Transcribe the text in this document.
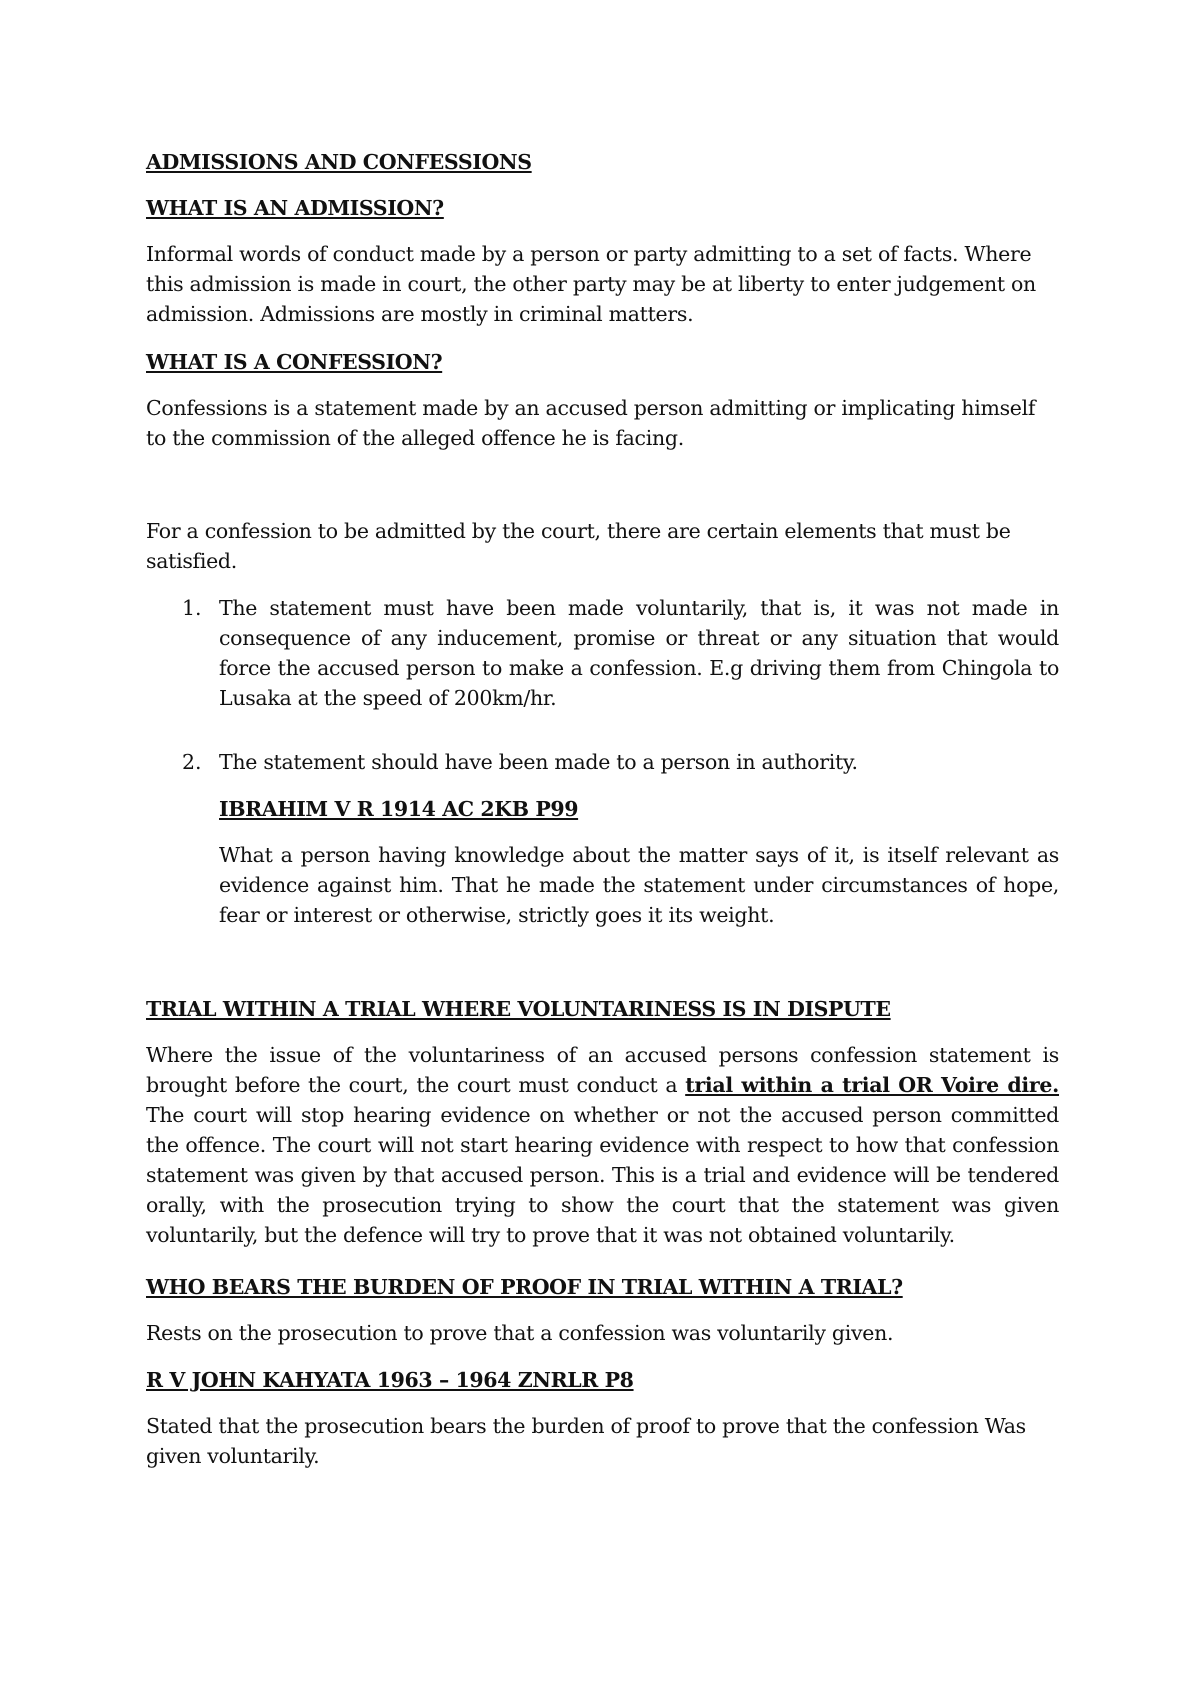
ADMISSIONS AND CONFESSIONS
WHAT IS AN ADMISSION?
Informal words of conduct made by a person or party admitting to a set of facts. Where this admission is made in court, the other party may be at liberty to enter judgement on admission. Admissions are mostly in criminal matters.
WHAT IS A CONFESSION?
Confessions is a statement made by an accused person admitting or implicating himself to the commission of the alleged offence he is facing.
For a confession to be admitted by the court, there are certain elements that must be satisfied.
1. The statement must have been made voluntarily, that is, it was not made in consequence of any inducement, promise or threat or any situation that would force the accused person to make a confession. E.g driving them from Chingola to Lusaka at the speed of 200km/hr.
2. The statement should have been made to a person in authority.
IBRAHIM V R 1914 AC 2KB P99
What a person having knowledge about the matter says of it, is itself relevant as evidence against him. That he made the statement under circumstances of hope, fear or interest or otherwise, strictly goes it its weight.
TRIAL WITHIN A TRIAL WHERE VOLUNTARINESS IS IN DISPUTE
Where the issue of the voluntariness of an accused persons confession statement is brought before the court, the court must conduct a trial within a trial OR Voire dire. The court will stop hearing evidence on whether or not the accused person committed the offence. The court will not start hearing evidence with respect to how that confession statement was given by that accused person. This is a trial and evidence will be tendered orally, with the prosecution trying to show the court that the statement was given voluntarily, but the defence will try to prove that it was not obtained voluntarily.
WHO BEARS THE BURDEN OF PROOF IN TRIAL WITHIN A TRIAL?
Rests on the prosecution to prove that a confession was voluntarily given.
R V JOHN KAHYATA 1963 – 1964 ZNRLR P8
Stated that the prosecution bears the burden of proof to prove that the confession Was given voluntarily.
